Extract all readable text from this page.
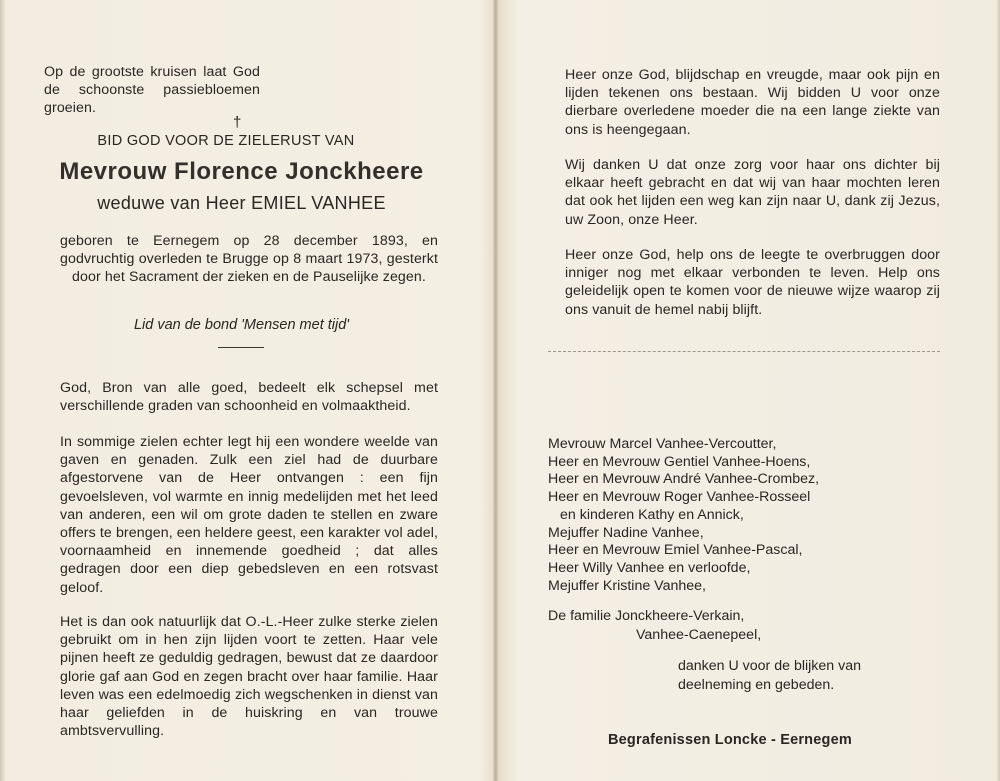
Op de grootste kruisen laat God de schoonste passiebloemen groeien.

†
BID GOD VOOR DE ZIELERUST VAN
Mevrouw Florence Jonckheere
weduwe van Heer EMIEL VANHEE

geboren te Eernegem op 28 december 1893, en godvruchtig overleden te Brugge op 8 maart 1973, gesterkt door het Sacrament der zieken en de Pauselijke zegen.

Lid van de bond 'Mensen met tijd'

God, Bron van alle goed, bedeelt elk schepsel met verschillende graden van schoonheid en volmaaktheid.

In sommige zielen echter legt hij een wondere weelde van gaven en genaden. Zulk een ziel had de duurbare afgestorvene van de Heer ontvangen : een fijn gevoelsleven, vol warmte en innig medelijden met het leed van anderen, een wil om grote daden te stellen en zware offers te brengen, een heldere geest, een karakter vol adel, voornaamheid en innemende goedheid ; dat alles gedragen door een diep gebedsleven en een rotsvast geloof.

Het is dan ook natuurlijk dat O.-L.-Heer zulke sterke zielen gebruikt om in hen zijn lijden voort te zetten. Haar vele pijnen heeft ze geduldig gedragen, bewust dat ze daardoor glorie gaf aan God en zegen bracht over haar familie. Haar leven was een edelmoedig zich wegschenken in dienst van haar geliefden in de huiskring en van trouwe ambtsvervulling.

Heer onze God, blijdschap en vreugde, maar ook pijn en lijden tekenen ons bestaan. Wij bidden U voor onze dierbare overledene moeder die na een lange ziekte van ons is heengegaan.

Wij danken U dat onze zorg voor haar ons dichter bij elkaar heeft gebracht en dat wij van haar mochten leren dat ook het lijden een weg kan zijn naar U, dank zij Jezus, uw Zoon, onze Heer.

Heer onze God, help ons de leegte te overbruggen door inniger nog met elkaar verbonden te leven. Help ons geleidelijk open te komen voor de nieuwe wijze waarop zij ons vanuit de hemel nabij blijft.

Mevrouw Marcel Vanhee-Vercoutter,
Heer en Mevrouw Gentiel Vanhee-Hoens,
Heer en Mevrouw André Vanhee-Crombez,
Heer en Mevrouw Roger Vanhee-Rosseel
en kinderen Kathy en Annick,
Mejuffer Nadine Vanhee,
Heer en Mevrouw Emiel Vanhee-Pascal,
Heer Willy Vanhee en verloofde,
Mejuffer Kristine Vanhee,
De familie Jonckheere-Verkain,
Vanhee-Caenepeel,
danken U voor de blijken van
deelneming en gebeden.
Begrafenissen Loncke - Eernegem
